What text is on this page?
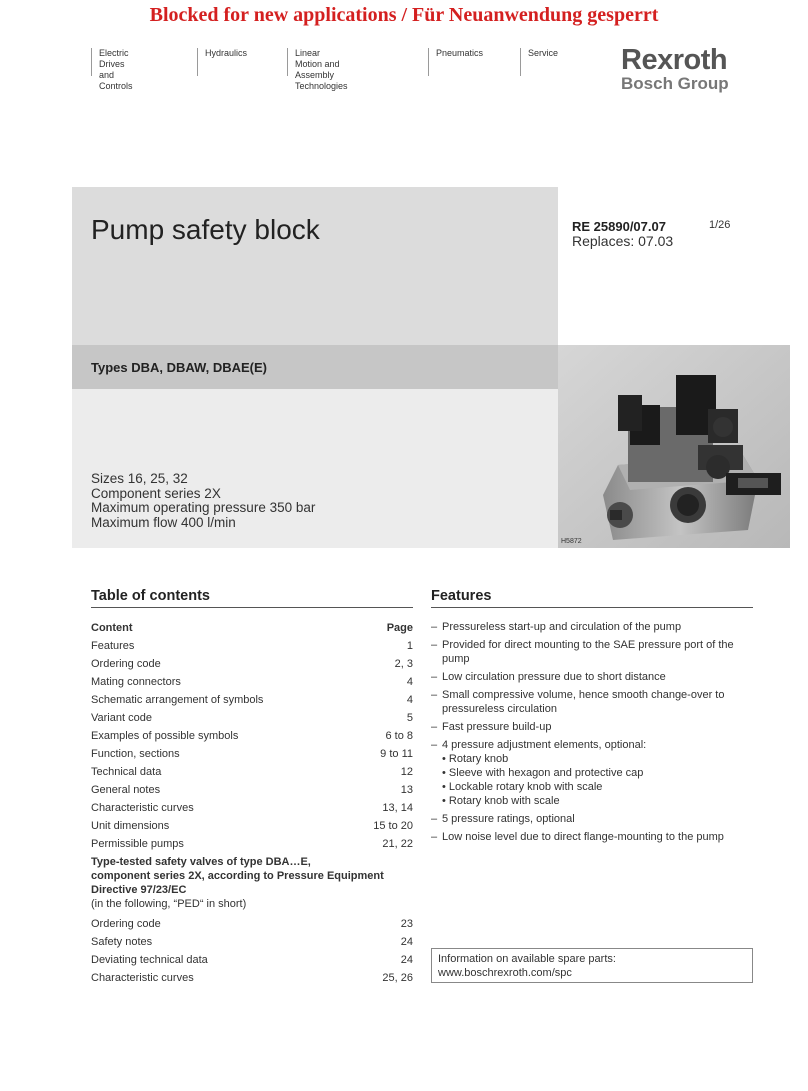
Blocked for new applications / Für Neuanwendung gesperrt
Electric Drives
and Controls
Hydraulics	Linear Motion and
Assembly Technologies
Pneumatics	Service Rexroth
Bosch Group
Pump safety block	RE 25890/07.07
Replaces: 07.03
1/26
Types DBA, DBAW, DBAE(E)
Sizes 16, 25, 32
Component series 2X
Maximum operating pressure 350 bar
Maximum flow 400 l/min
H5872
Table of contents	Features
Content	Page
Features	1
Ordering code	2, 3
Mating connectors	4
Schematic arrangement of symbols	4
Variant code	5
Examples of possible symbols	6 to 8
Function, sections	9 to 11
Technical data	12
General notes	13
Characteristic curves	13, 14
Unit dimensions	15 to 20
Permissible pumps	21, 22
Type-tested safety valves of type DBA…E,
component series 2X, according to Pressure Equipment
Directive 97/23/EC
(in the following, “PED“ in short)
Ordering code	23
Safety notes	24
Deviating technical data	24
Characteristic curves	25, 26
– Pressureless start-up and circulation of the pump
– Provided for direct mounting to the SAE pressure port of the
pump
– Low circulation pressure due to short distance
– Small compressive volume, hence smooth change-over to
pressureless circulation
– Fast pressure build-up
– 4 pressure adjustment elements, optional:
• Rotary knob
• Sleeve with hexagon and protective cap
• Lockable rotary knob with scale
• Rotary knob with scale
– 5 pressure ratings, optional
– Low noise level due to direct flange-mounting to the pump
Information on available spare parts:
www.boschrexroth.com/spc
